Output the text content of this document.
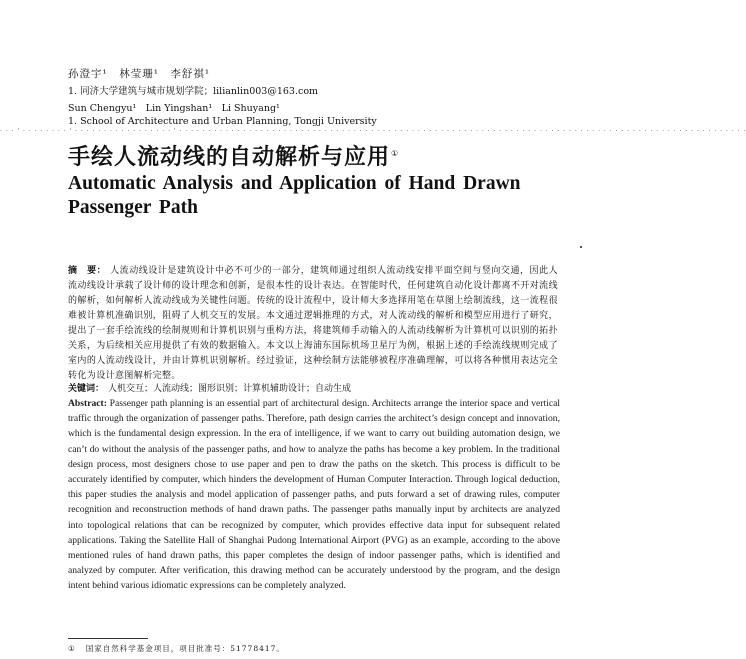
孙澄宇¹　林莹珊¹　李舒祺¹
1. 同济大学建筑与城市规划学院；lilianlin003@163.com
Sun Chengyu¹　Lin Yingshan¹　Li Shuyang¹
1. School of Architecture and Urban Planning, Tongji University
· · · ' · · · · · · · · ' · · · · · · · · · · · · · · · · · ' · · · · · · · · · · · · · · · · · · · · · · · · · · · · · · · · · · · · · · · · · · · · · · · · · · · · · · · · · · · · · · · · · · · · · · · · · · · · · · · · · · · · · · · · · · · · · · · · · ·
手绘人流动线的自动解析与应用①
Automatic Analysis and Application of Hand Drawn Passenger Path
摘　要： 人流动线设计是建筑设计中必不可少的一部分，建筑师通过组织人流动线安排平面空间与竖向交通，因此人流动线设计承载了设计师的设计理念和创新，是很本性的设计表达。在智能时代，任何建筑自动化设计都离不开对流线的解析，如何解析人流动线成为关键性问题。传统的设计流程中，设计师大多选择用笔在草图上绘制流线，这一流程很难被计算机准确识别，阻碍了人机交互的发展。本文通过逻辑推理的方式，对人流动线的解析和模型应用进行了研究，提出了一套手绘流线的绘制规则和计算机识别与重构方法，将建筑师手动输入的人流动线解析为计算机可以识别的拓扑关系，为后续相关应用提供了有效的数据输入。本文以上海浦东国际机场卫星厅为例，根据上述的手绘流线规则完成了室内的人流动线设计，并由计算机识别解析。经过验证，这种绘制方法能够被程序准确理解，可以将各种惯用表达完全转化为设计意图解析完整。
关键词： 人机交互；人流动线；图形识别；计算机辅助设计；自动生成
Abstract: Passenger path planning is an essential part of architectural design. Architects arrange the interior space and vertical traffic through the organization of passenger paths. Therefore, path design carries the architect’s design concept and innovation, which is the fundamental design expression. In the era of intelligence, if we want to carry out building automation design, we can’t do without the analysis of the passenger paths, and how to analyze the paths has become a key problem. In the traditional design process, most designers chose to use paper and pen to draw the paths on the sketch. This process is difficult to be accurately identified by computer, which hinders the development of Human Computer Interaction. Through logical deduction, this paper studies the analysis and model application of passenger paths, and puts forward a set of drawing rules, computer recognition and reconstruction methods of hand drawn paths. The passenger paths manually input by architects are analyzed into topological relations that can be recognized by computer, which provides effective data input for subsequent related applications. Taking the Satellite Hall of Shanghai Pudong International Airport (PVG) as an example, according to the above mentioned rules of hand drawn paths, this paper completes the design of indoor passenger paths, which is identified and analyzed by computer. After verification, this drawing method can be accurately understood by the program, and the design intent behind various idiomatic expressions can be completely analyzed.
① 国家自然科学基金项目，项目批准号：51778417。
